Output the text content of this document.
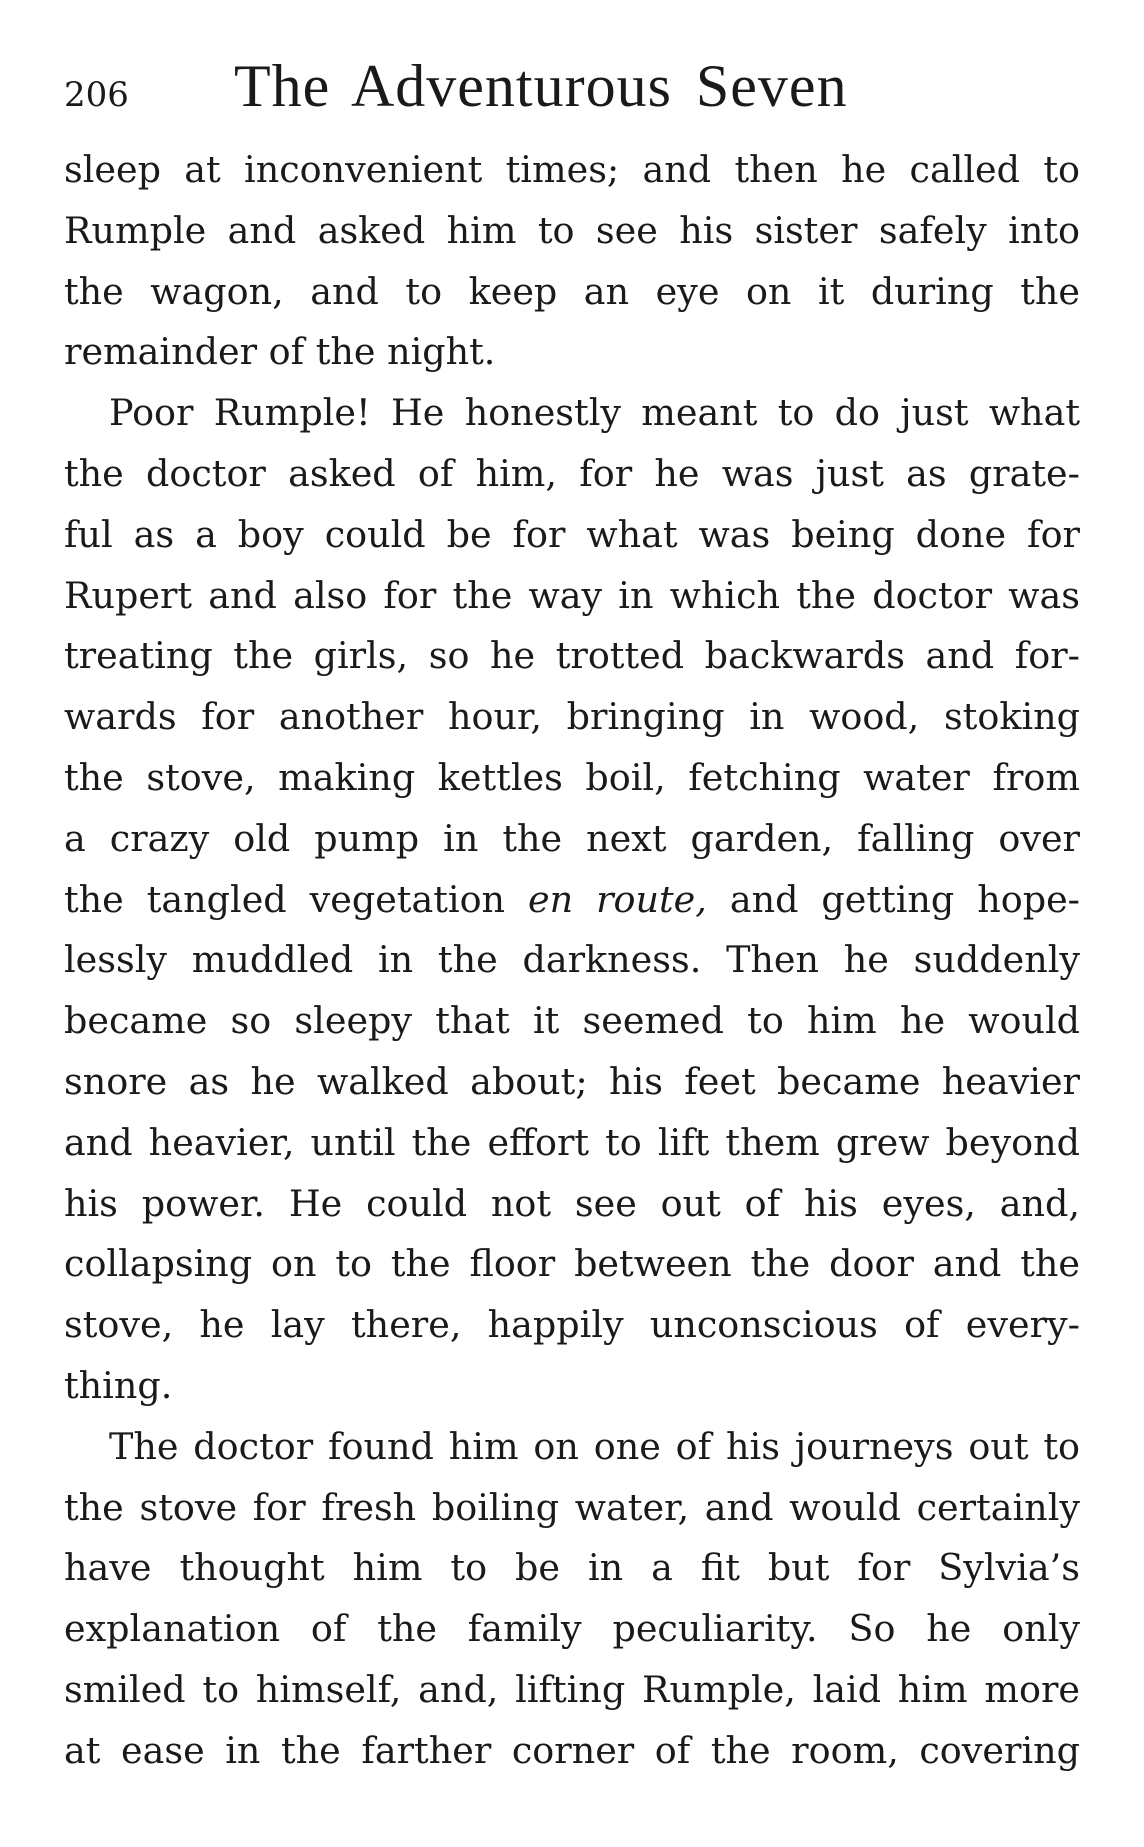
206	The Adventurous Seven

sleep at inconvenient times; and then he called to
Rumple and asked him to see his sister safely into
the wagon, and to keep an eye on it during the
remainder of the night.

Poor Rumple! He honestly meant to do just what
the doctor asked of him, for he was just as grate-
ful as a boy could be for what was being done for
Rupert and also for the way in which the doctor was
treating the girls, so he trotted backwards and for-
wards for another hour, bringing in wood, stoking
the stove, making kettles boil, fetching water from
a crazy old pump in the next garden, falling over
the tangled vegetation en route, and getting hope-
lessly muddled in the darkness. Then he suddenly
became so sleepy that it seemed to him he would
snore as he walked about; his feet became heavier
and heavier, until the effort to lift them grew beyond
his power. He could not see out of his eyes, and,
collapsing on to the floor between the door and the
stove, he lay there, happily unconscious of every-
thing.

The doctor found him on one of his journeys out to
the stove for fresh boiling water, and would certainly
have thought him to be in a fit but for Sylvia’s
explanation of the family peculiarity. So he only
smiled to himself, and, lifting Rumple, laid him more
at ease in the farther corner of the room, covering
